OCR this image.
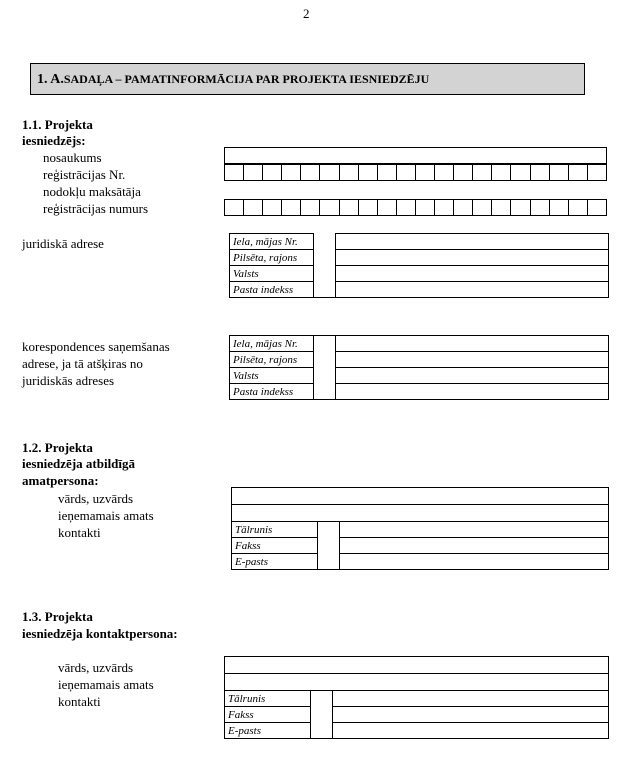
2
1. A.SADAĻA – PAMATINFORMĀCIJA PAR PROJEKTA IESNIEDZĒJU
1.1. Projekta
iesniedzējs:
nosaukums
reģistrācijas Nr.
nodokļu maksātāja
reģistrācijas numurs
juridiskā adrese	Iela, mājas Nr.		
Pilsēta, rajons		
Valsts		
Pasta indekss		
korespondences saņemšanas
adrese, ja tā atšķiras no
juridiskās adreses
Iela, mājas Nr.		
Pilsēta, rajons		
Valsts		
Pasta indekss		
1.2. Projekta
iesniedzēja atbildīgā
amatpersona:
vārds, uzvārds
ieņemamais amats
kontakti	Tālrunis		
Fakss		
E-pasts		
1.3. Projekta
iesniedzēja kontaktpersona:
vārds, uzvārds
ieņemamais amats
kontakti	Tālrunis		
Fakss		
E-pasts		
